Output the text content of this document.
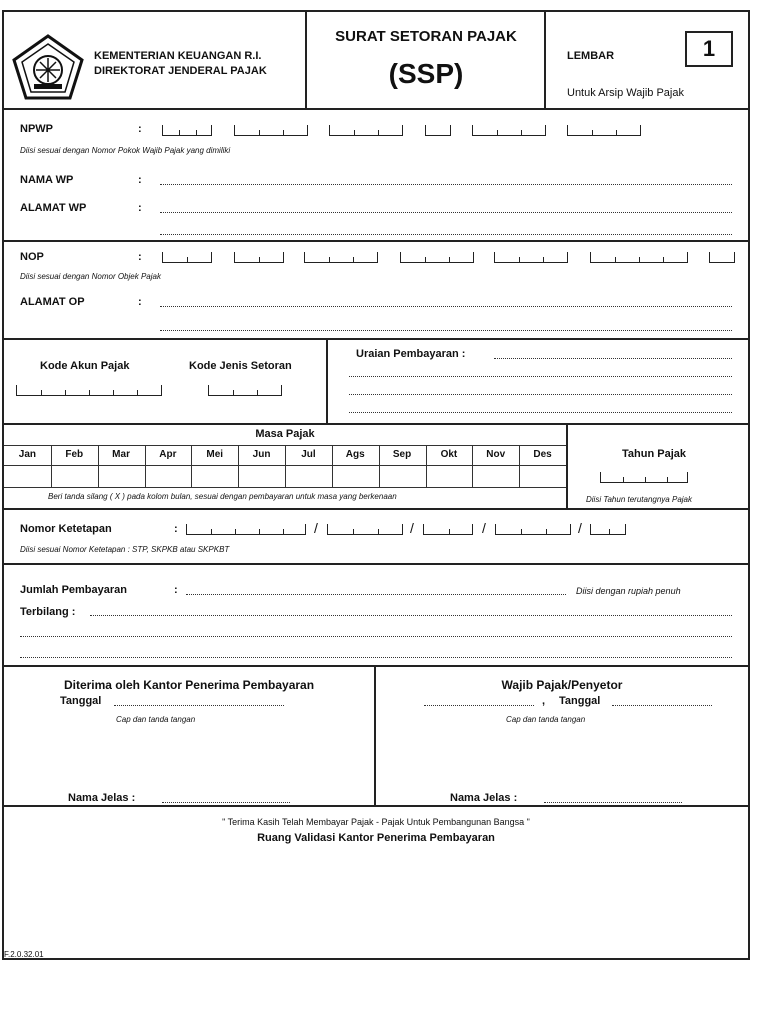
KEMENTERIAN KEUANGAN R.I.
DIREKTORAT JENDERAL PAJAK
SURAT SETORAN PAJAK
(SSP)
LEMBAR	1
Untuk Arsip Wajib Pajak
NPWP	:
Diisi sesuai dengan Nomor Pokok Wajib Pajak yang dimiliki
NAMA WP	:
ALAMAT WP	:
NOP	:
Diisi sesuai dengan Nomor Objek Pajak
ALAMAT OP	:
Kode Akun Pajak	Kode Jenis Setoran
Uraian Pembayaran :
Masa Pajak
Beri tanda silang ( X ) pada kolom bulan, sesuai dengan pembayaran untuk masa yang berkenaan
Tahun Pajak
Diisi Tahun terutangnya Pajak
Nomor Ketetapan	:	/	/	/	/
Diisi sesuai Nomor Ketetapan : STP, SKPKB atau SKPKBT
Jumlah Pembayaran	:	Diisi dengan rupiah penuh
Terbilang :
Diterima oleh Kantor Penerima Pembayaran
Tanggal
Cap dan tanda tangan
Nama Jelas :
Wajib Pajak/Penyetor
, Tanggal
Cap dan tanda tangan
Nama Jelas :
" Terima Kasih Telah Membayar Pajak - Pajak Untuk Pembangunan Bangsa "
Ruang Validasi Kantor Penerima Pembayaran
F.2.0.32.01
Jan	Feb	Mar	Apr	Mei	Jun	Jul	Ags	Sep	Okt	Nov	Des
